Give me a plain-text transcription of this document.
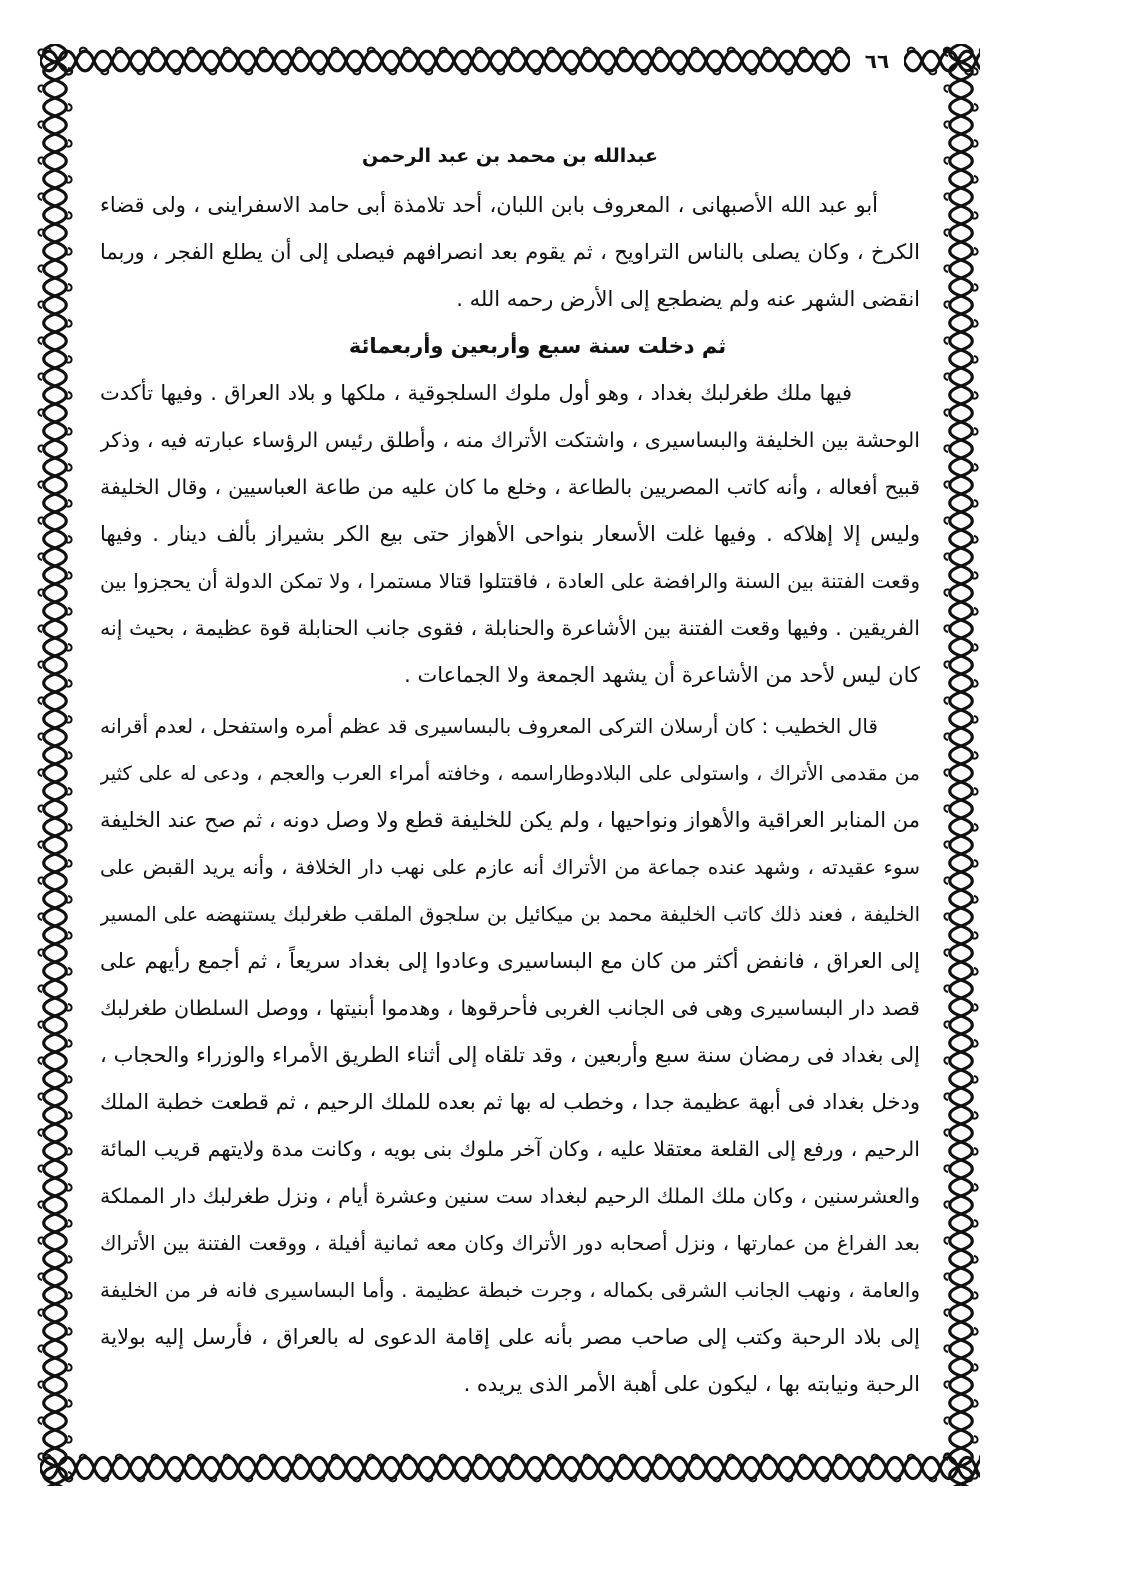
٦٦
عبدالله بن محمد بن عبد الرحمن
أبو عبد الله الأصبهانى ، المعروف بابن اللبان، أحد تلامذة أبى حامد الاسفراينى ، ولى قضاء
الكرخ ، وكان يصلى بالناس التراويح ، ثم يقوم بعد انصرافهم فيصلى إلى أن يطلع الفجر ، وربما
انقضى الشهر عنه ولم يضطجع إلى الأرض رحمه الله .
ثم دخلت سنة سبع وأربعين وأربعمائة
فيها ملك طغرلبك بغداد ، وهو أول ملوك السلجوقية ، ملكها و بلاد العراق . وفيها تأكدت
الوحشة بين الخليفة والبساسيرى ، واشتكت الأتراك منه ، وأطلق رئيس الرؤساء عبارته فيه ، وذكر
قبيح أفعاله ، وأنه كاتب المصريين بالطاعة ، وخلع ما كان عليه من طاعة العباسيين ، وقال الخليفة
وليس إلا إهلاكه . وفيها غلت الأسعار بنواحى الأهواز حتى بيع الكر بشيراز بألف دينار . وفيها
وقعت الفتنة بين السنة والرافضة على العادة ، فاقتتلوا قتالا مستمرا ، ولا تمكن الدولة أن يحجزوا بين
الفريقين . وفيها وقعت الفتنة بين الأشاعرة والحنابلة ، فقوى جانب الحنابلة قوة عظيمة ، بحيث إنه
كان ليس لأحد من الأشاعرة أن يشهد الجمعة ولا الجماعات .
قال الخطيب : كان أرسلان التركى المعروف بالبساسيرى قد عظم أمره واستفحل ، لعدم أقرانه
من مقدمى الأتراك ، واستولى على البلادوطاراسمه ، وخافته أمراء العرب والعجم ، ودعى له على كثير
من المنابر العراقية والأهواز ونواحيها ، ولم يكن للخليفة قطع ولا وصل دونه ، ثم صح عند الخليفة
سوء عقيدته ، وشهد عنده جماعة من الأتراك أنه عازم على نهب دار الخلافة ، وأنه يريد القبض على
الخليفة ، فعند ذلك كاتب الخليفة محمد بن ميكائيل بن سلجوق الملقب طغرلبك يستنهضه على المسير
إلى العراق ، فانفض أكثر من كان مع البساسيرى وعادوا إلى بغداد سريعاً ، ثم أجمع رأيهم على
قصد دار البساسيرى وهى فى الجانب الغربى فأحرقوها ، وهدموا أبنيتها ، ووصل السلطان طغرلبك
إلى بغداد فى رمضان سنة سبع وأربعين ، وقد تلقاه إلى أثناء الطريق الأمراء والوزراء والحجاب ،
ودخل بغداد فى أبهة عظيمة جدا ، وخطب له بها ثم بعده للملك الرحيم ، ثم قطعت خطبة الملك
الرحيم ، ورفع إلى القلعة معتقلا عليه ، وكان آخر ملوك بنى بويه ، وكانت مدة ولايتهم قريب المائة
والعشرسنين ، وكان ملك الملك الرحيم لبغداد ست سنين وعشرة أيام ، ونزل طغرلبك دار المملكة
بعد الفراغ من عمارتها ، ونزل أصحابه دور الأتراك وكان معه ثمانية أفيلة ، ووقعت الفتنة بين الأتراك
والعامة ، ونهب الجانب الشرقى بكماله ، وجرت خبطة عظيمة . وأما البساسيرى فانه فر من الخليفة
إلى بلاد الرحبة وكتب إلى صاحب مصر بأنه على إقامة الدعوى له بالعراق ، فأرسل إليه بولاية
الرحبة ونيابته بها ، ليكون على أهبة الأمر الذى يريده .
